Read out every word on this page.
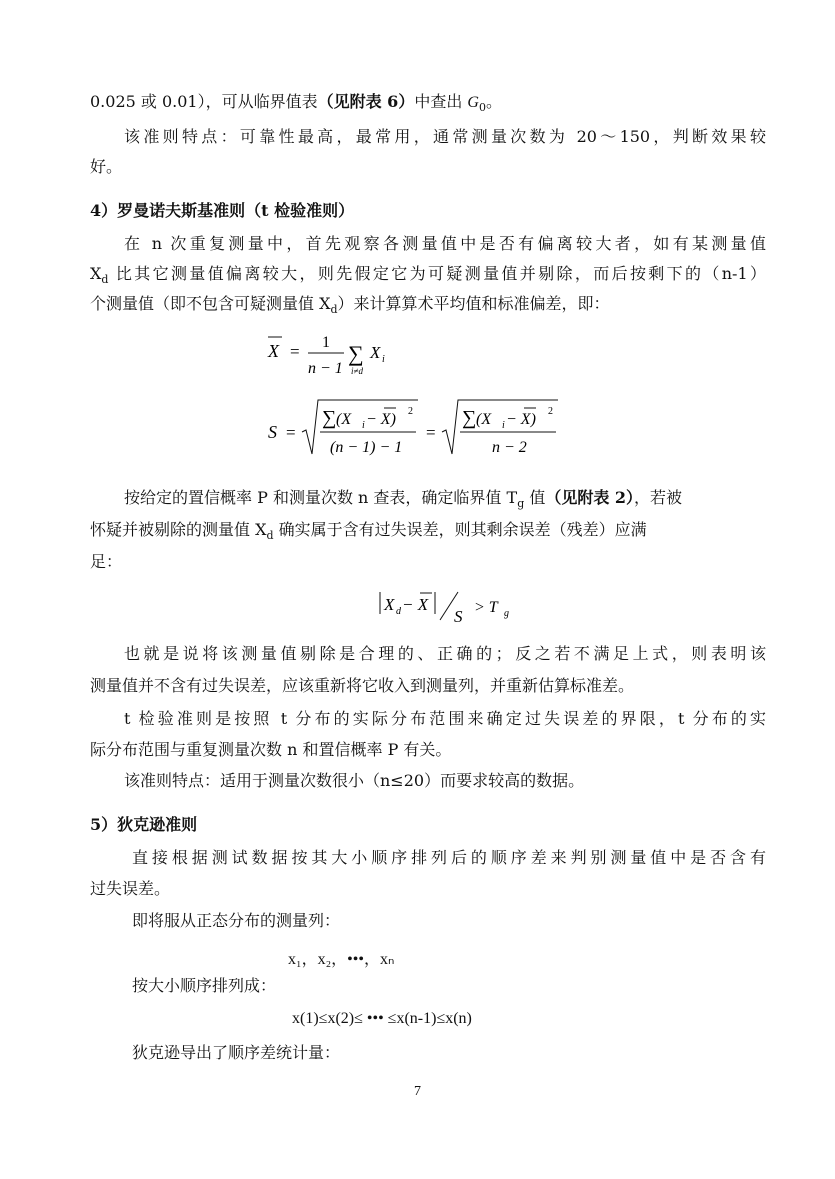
0.025 或 0.01），可从临界值表（见附表 6）中查出 $G_0$。
该准则特点：可靠性最高，最常用，通常测量次数为 20～150，判断效果较
好。
4）罗曼诺夫斯基准则（t 检验准则）
在 n 次重复测量中，首先观察各测量值中是否有偏离较大者，如有某测量值
$X_d$ 比其它测量值偏离较大，则先假定它为可疑测量值并剔除，而后按剩下的（n-1）
个测量值（即不包含可疑测量值 $X_d$）来计算算术平均值和标准偏差，即：
X = 1
n − 1
∑
i≠d
X i
S =
∑ (X i − X) 2
(n − 1) − 1
=
∑ (X i − X) 2
n − 2
按给定的置信概率 P 和测量次数 n 查表，确定临界值 $T_g$ 值（见附表 2），若被
怀疑并被剔除的测量值 $X_d$ 确实属于含有过失误差，则其剩余误差（残差）应满
足：
X d − X
S > T g
也就是说将该测量值剔除是合理的、正确的；反之若不满足上式，则表明该
测量值并不含有过失误差，应该重新将它收入到测量列，并重新估算标准差。
t 检验准则是按照 t 分布的实际分布范围来确定过失误差的界限，t 分布的实
际分布范围与重复测量次数 n 和置信概率 P 有关。
该准则特点：适用于测量次数很小（n≤20）而要求较高的数据。
5）狄克逊准则
直接根据测试数据按其大小顺序排列后的顺序差来判别测量值中是否含有
过失误差。
即将服从正态分布的测量列：
x₁，x₂，•••，xₙ
按大小顺序排列成：
x(1)≤x(2)≤ ••• ≤x(n-1)≤x(n)
狄克逊导出了顺序差统计量：
7
